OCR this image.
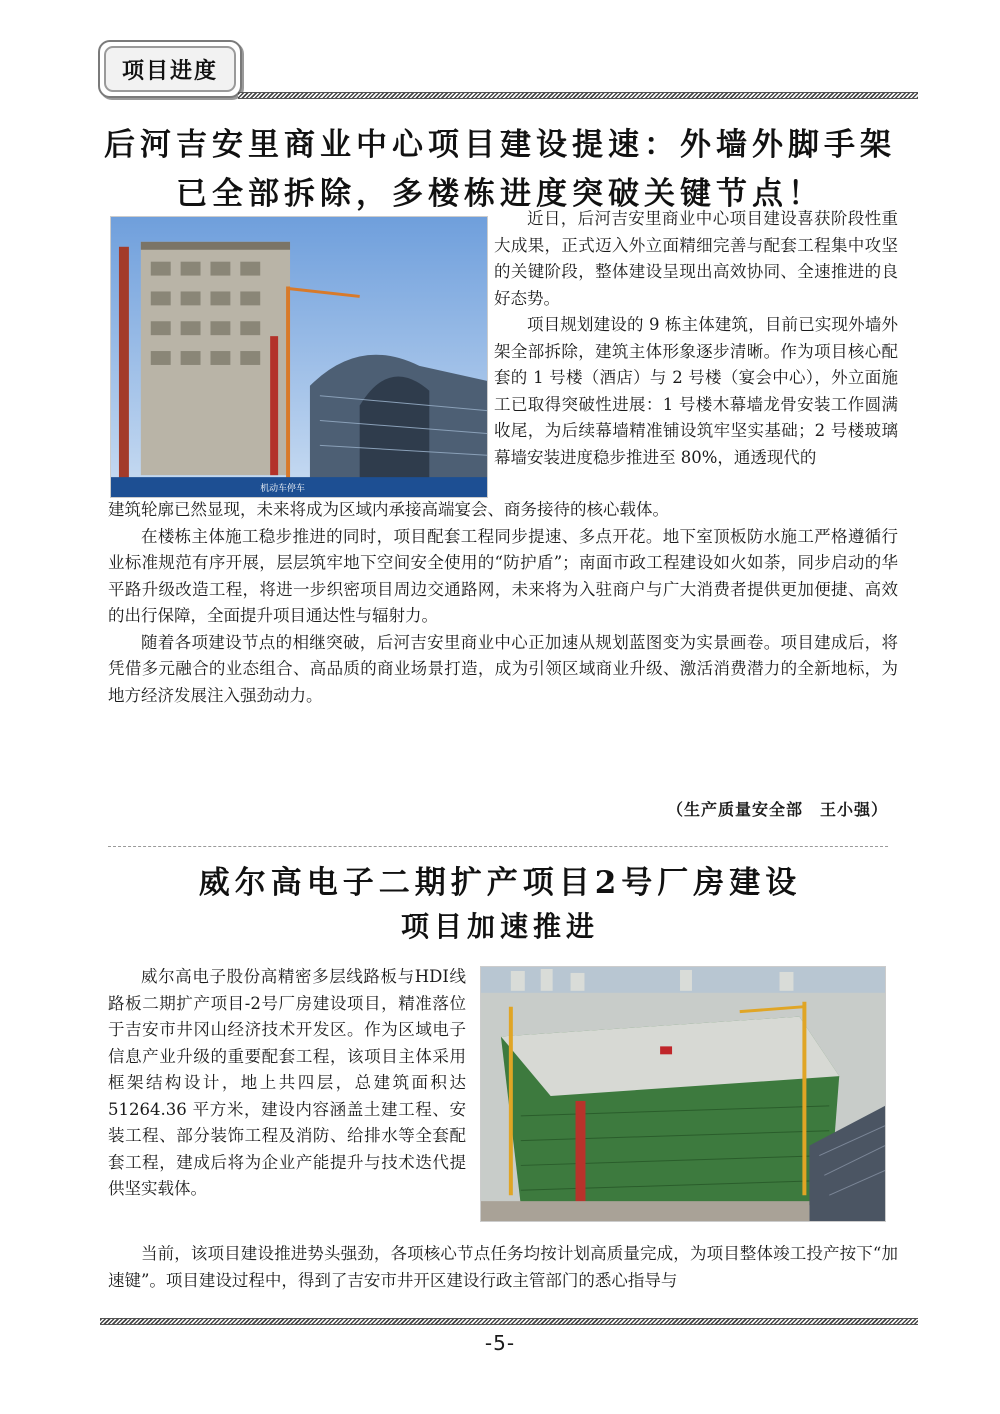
项目进度
后河吉安里商业中心项目建设提速：外墙外脚手架
已全部拆除，多楼栋进度突破关键节点！
机动车停车

近日，后河吉安里商业中心项目建设喜获阶段性重大成果，正式迈入外立面精细完善与配套工程集中攻坚的关键阶段，整体建设呈现出高效协同、全速推进的良好态势。

项目规划建设的 9 栋主体建筑，目前已实现外墙外架全部拆除，建筑主体形象逐步清晰。作为项目核心配套的 1 号楼（酒店）与 2 号楼（宴会中心），外立面施工已取得突破性进展：1 号楼木幕墙龙骨安装工作圆满收尾，为后续幕墙精准铺设筑牢坚实基础；2 号楼玻璃幕墙安装进度稳步推进至 80%，通透现代的

建筑轮廓已然显现，未来将成为区域内承接高端宴会、商务接待的核心载体。

在楼栋主体施工稳步推进的同时，项目配套工程同步提速、多点开花。地下室顶板防水施工严格遵循行业标准规范有序开展，层层筑牢地下空间安全使用的“防护盾”；南面市政工程建设如火如荼，同步启动的华平路升级改造工程，将进一步织密项目周边交通路网，未来将为入驻商户与广大消费者提供更加便捷、高效的出行保障，全面提升项目通达性与辐射力。

随着各项建设节点的相继突破，后河吉安里商业中心正加速从规划蓝图变为实景画卷。项目建成后，将凭借多元融合的业态组合、高品质的商业场景打造，成为引领区域商业升级、激活消费潜力的全新地标，为地方经济发展注入强劲动力。

（生产质量安全部　王小强）
威尔高电子二期扩产项目2号厂房建设
项目加速推进

威尔高电子股份高精密多层线路板与HDI线路板二期扩产项目-2号厂房建设项目，精准落位于吉安市井冈山经济技术开发区。作为区域电子信息产业升级的重要配套工程，该项目主体采用框架结构设计，地上共四层，总建筑面积达 51264.36 平方米，建设内容涵盖土建工程、安装工程、部分装饰工程及消防、给排水等全套配套工程，建成后将为企业产能提升与技术迭代提供坚实载体。

当前，该项目建设推进势头强劲，各项核心节点任务均按计划高质量完成，为项目整体竣工投产按下“加速键”。项目建设过程中，得到了吉安市井开区建设行政主管部门的悉心指导与

-5-
